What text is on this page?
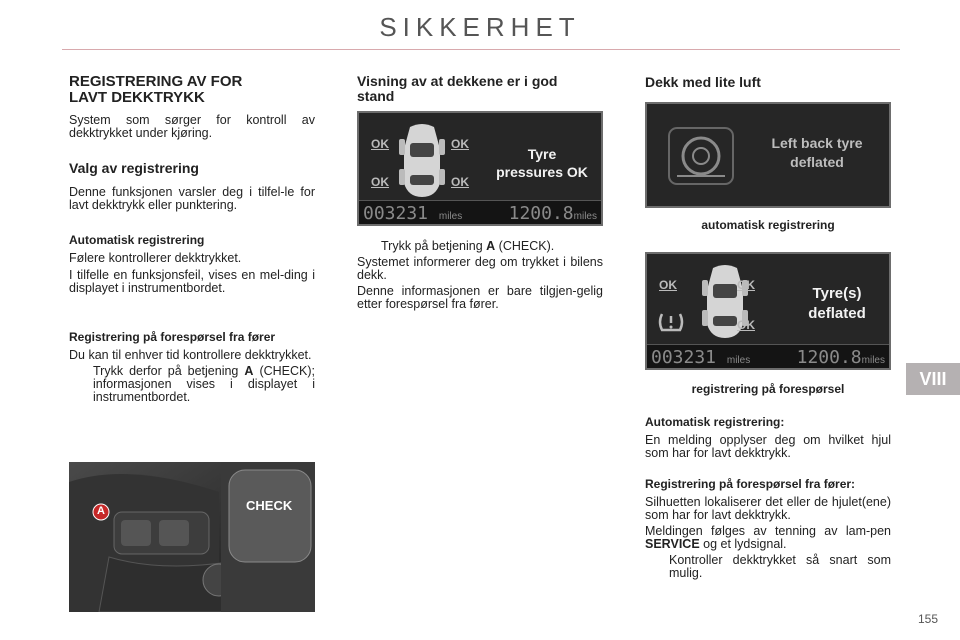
SIKKERHET
VIII
REGISTRERING AV FOR LAVT DEKKTRYKK
System som sørger for kontroll av dekktrykket under kjøring.
Valg av registrering
Denne funksjonen varsler deg i tilfel-le for lavt dekktrykk eller punktering.
Automatisk registrering
Følere kontrollerer dekktrykket.
I tilfelle en funksjonsfeil, vises en mel-ding i displayet i instrumentbordet.
Registrering på forespørsel fra fører
Du kan til enhver tid kontrollere dekktrykket.
Trykk derfor på betjening A (CHECK); informasjonen vises i displayet i instrumentbordet.
A	CHECK
Visning av at dekkene er i god stand
OK	OK
OK	OK
Tyre
pressures OK
003231 miles	1200.8miles
Trykk på betjening A (CHECK).
Systemet informerer deg om trykket i bilens dekk.
Denne informasjonen er bare tilgjen-gelig etter forespørsel fra fører.
Dekk med lite luft
Left back tyre
deflated
automatisk registrering
OK	OK
OK
Tyre(s)
deflated
003231 miles	1200.8miles
registrering på forespørsel
Automatisk registrering:
En melding opplyser deg om hvilket hjul som har for lavt dekktrykk.
Registrering på forespørsel fra fører:
Silhuetten lokaliserer det eller de hjulet(ene) som har for lavt dekktrykk.
Meldingen følges av tenning av lam-pen SERVICE og et lydsignal.
Kontroller dekktrykket så snart som mulig.
155
